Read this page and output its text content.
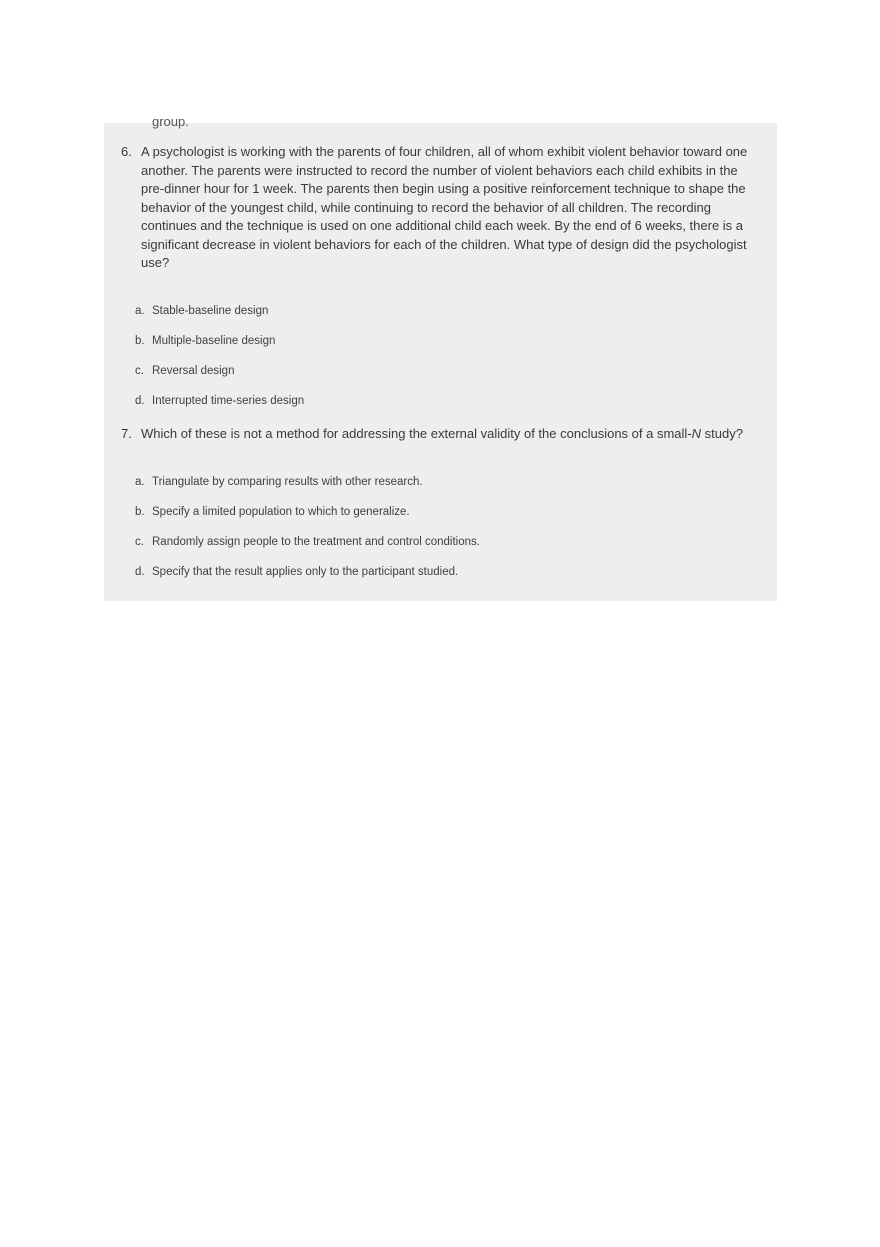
group.
6. A psychologist is working with the parents of four children, all of whom exhibit violent behavior toward one another. The parents were instructed to record the number of violent behaviors each child exhibits in the pre-dinner hour for 1 week. The parents then begin using a positive reinforcement technique to shape the behavior of the youngest child, while continuing to record the behavior of all children. The recording continues and the technique is used on one additional child each week. By the end of 6 weeks, there is a significant decrease in violent behaviors for each of the children. What type of design did the psychologist use?
a. Stable-baseline design
b. Multiple-baseline design
c. Reversal design
d. Interrupted time-series design
7. Which of these is not a method for addressing the external validity of the conclusions of a small-N study?
a. Triangulate by comparing results with other research.
b. Specify a limited population to which to generalize.
c. Randomly assign people to the treatment and control conditions.
d. Specify that the result applies only to the participant studied.
